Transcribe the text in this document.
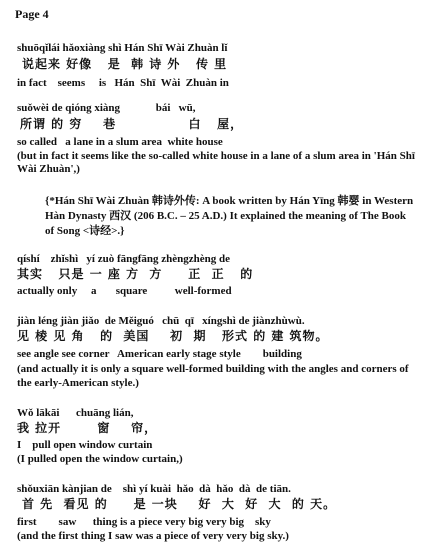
Page 4
shuōqǐlái hǎoxiàng shì Hán Shī Wài Zhuàn lǐ
说起来 好像   是  韩 诗 外   传 里
in fact    seems     is   Hán  Shī  Wài  Zhuàn in
suǒwèi de qióng xiàng             bái   wū,
所谓 的 穷    巷              白   屋，
so called   a lane in a slum area  white house
(but in fact it seems like the so-called white house in a lane of a slum area in 'Hán Shī Wài Zhuàn',)
{*Hán Shī Wài Zhuàn 韩诗外传: A book written by Hán Yīng 韩婴 in Western Hàn Dynasty 西汉 (206 B.C. – 25 A.D.) It explained the meaning of The Book of Song <诗经>.}
qíshí    zhǐshì   yí zuò fāngfāng zhèngzhèng de
其实   只是 一 座 方  方     正  正   的
actually only     a       square          well-formed
jiàn léng jiàn jiǎo  de Měiguó   chū  qī   xíngshì de jiànzhùwù.
见 棱 见 角   的  美国    初  期   形式 的 建 筑物。
see angle see corner   American early stage style        building
(and actually it is only a square well-formed building with the angles and corners of the early-American style.)
Wǒ lākāi      chuāng lián,
我 拉开       窗    帘，
I    pull open window curtain
(I pulled open the window curtain,)
shǒuxiān kànjian de    shì yí kuài  hǎo  dà  hǎo  dà  de tiān.
首 先  看见 的     是 一块    好  大  好  大  的 天。
first        saw      thing is a piece very big very big    sky
(and the first thing I saw was a piece of very very big sky.)
